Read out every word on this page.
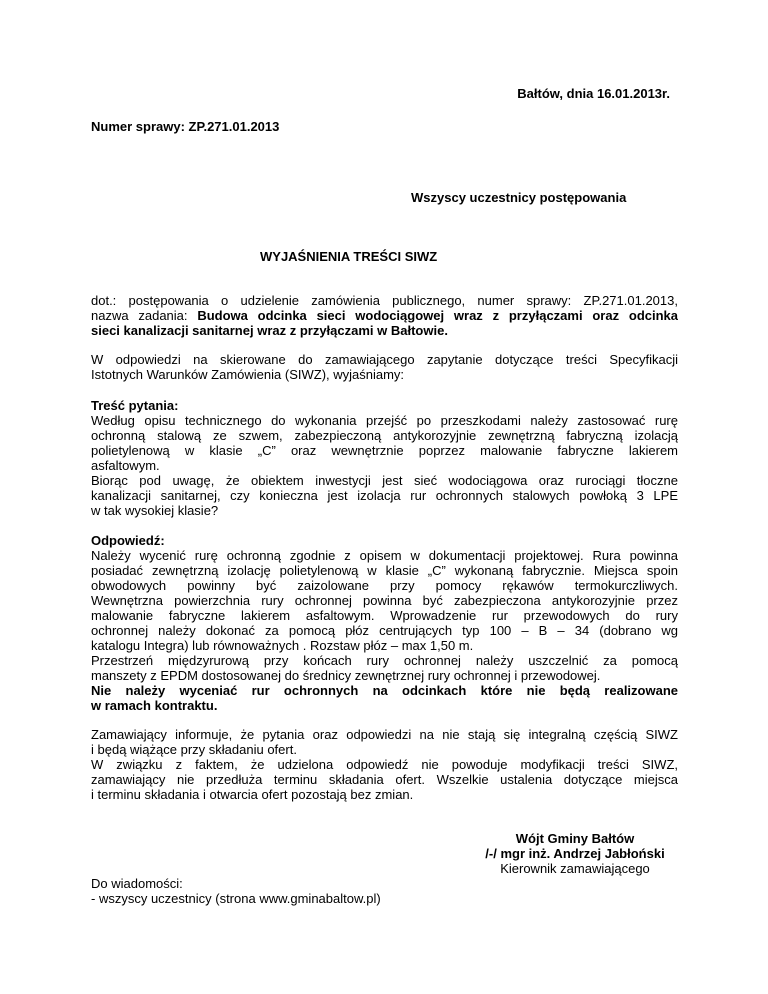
Bałtów, dnia 16.01.2013r.
Numer sprawy: ZP.271.01.2013
Wszyscy uczestnicy postępowania
WYJAŚNIENIA TREŚCI SIWZ
dot.: postępowania o udzielenie zamówienia publicznego, numer sprawy: ZP.271.01.2013,
nazwa zadania: Budowa odcinka sieci wodociągowej wraz z przyłączami oraz odcinka
sieci kanalizacji sanitarnej wraz z przyłączami w Bałtowie.
W odpowiedzi na skierowane do zamawiającego zapytanie dotyczące treści Specyfikacji
Istotnych Warunków Zamówienia (SIWZ), wyjaśniamy:
Treść pytania:
Według opisu technicznego do wykonania przejść po przeszkodami należy zastosować rurę
ochronną stalową ze szwem, zabezpieczoną antykorozyjnie zewnętrzną fabryczną izolacją
polietylenową w klasie „C” oraz wewnętrznie poprzez malowanie fabryczne lakierem
asfaltowym.
Biorąc pod uwagę, że obiektem inwestycji jest sieć wodociągowa oraz rurociągi tłoczne
kanalizacji sanitarnej, czy konieczna jest izolacja rur ochronnych stalowych powłoką 3 LPE
w tak wysokiej klasie?
Odpowiedź:
Należy wycenić rurę ochronną zgodnie z opisem w dokumentacji projektowej. Rura powinna
posiadać zewnętrzną izolację polietylenową w klasie „C” wykonaną fabrycznie. Miejsca spoin
obwodowych powinny być zaizolowane przy pomocy rękawów termokurczliwych.
Wewnętrzna powierzchnia rury ochronnej powinna być zabezpieczona antykorozyjnie przez
malowanie fabryczne lakierem asfaltowym. Wprowadzenie rur przewodowych do rury
ochronnej należy dokonać za pomocą płóz centrujących typ 100 – B – 34 (dobrano wg
katalogu Integra) lub równoważnych . Rozstaw płóz – max 1,50 m.
Przestrzeń międzyrurową przy końcach rury ochronnej należy uszczelnić za pomocą
manszety z EPDM dostosowanej do średnicy zewnętrznej rury ochronnej i przewodowej.
Nie należy wyceniać rur ochronnych na odcinkach które nie będą realizowane
w ramach kontraktu.
Zamawiający informuje, że pytania oraz odpowiedzi na nie stają się integralną częścią SIWZ
i będą wiążące przy składaniu ofert.
W związku z faktem, że udzielona odpowiedź nie powoduje modyfikacji treści SIWZ,
zamawiający nie przedłuża terminu składania ofert. Wszelkie ustalenia dotyczące miejsca
i terminu składania i otwarcia ofert pozostają bez zmian.
Wójt Gminy Bałtów
/-/ mgr inż. Andrzej Jabłoński
Kierownik zamawiającego
Do wiadomości:
- wszyscy uczestnicy (strona www.gminabaltow.pl)
